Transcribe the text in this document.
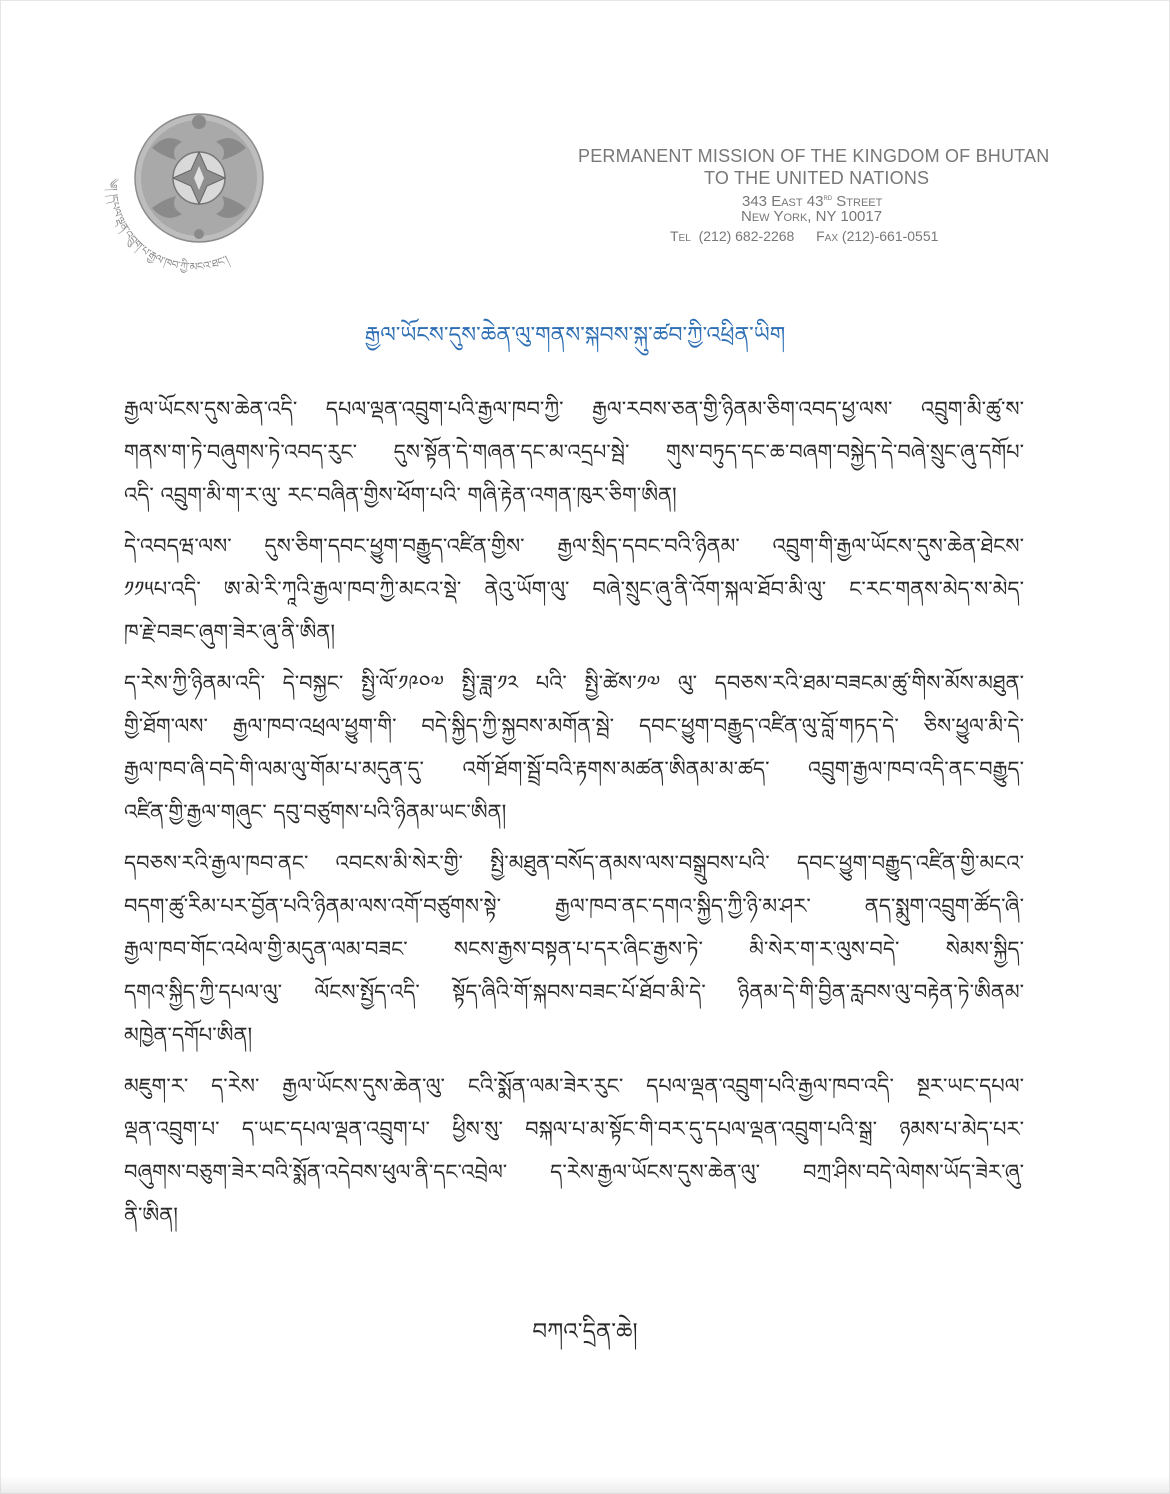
༄། །དཔལ་ལྡན་འབྲུག་པ་རྒྱལ་ཁབ་ཀྱི་མངའ་ཐང་།
PERMANENT MISSION OF THE KINGDOM OF BHUTAN
TO THE UNITED NATIONS
343 East 43rd Street
New York, NY 10017
Tel (212) 682-2268 Fax (212)-661-0551
རྒྱལ་ཡོངས་དུས་ཆེན་ལུ་གནས་སྐབས་སྐུ་ཚབ་ཀྱི་འཕྲིན་ཡིག
རྒྱལ་ཡོངས་དུས་ཆེན་འདི་ དཔལ་ལྡན་འབྲུག་པའི་རྒྱལ་ཁབ་ཀྱི་ རྒྱལ་རབས་ཅན་གྱི་ཉིནམ་ཅིག་འབད་ཕྱ་ལས་ འབྲུག་མི་ཚུ་ས་
གནས་ག་ཏེ་བཞུགས་ཏེ་འབད་རུང་ དུས་སྟོན་དེ་གཞན་དང་མ་འདྲཔ་སྦེ་ གུས་བཏུད་དང་ཆ་བཞག་བསྐྱེད་དེ་བཞེ་སྲུང་ཞུ་དགོཔ་
འདི་ འབྲུག་མི་ག་ར་ལུ་ རང་བཞིན་གྱིས་ཕོག་པའི་ གཞི་རྟེན་འགན་ཁུར་ཅིག་ཨིན།
དེ་འབདཝ་ལས་ དུས་ཅིག་དབང་ཕྱུག་བརྒྱུད་འཛིན་གྱིས་ རྒྱལ་སྲིད་དབང་བའི་ཉིནམ་ འབྲུག་གི་རྒྱལ་ཡོངས་དུས་ཆེན་ཐེངས་
༡༡༥པ་འདི་ ཨ་མེ་རི་ཀཱའི་རྒྱལ་ཁབ་ཀྱི་མངའ་སྡེ་ ནེའུ་ཡོག་ལུ་ བཞེ་སྲུང་ཞུ་ནི་འོག་སྐལ་ཐོབ་མི་ལུ་ ང་རང་གནས་མེད་ས་མེད་
ཁ་རྗེ་བཟང་ཞུག་ཟེར་ཞུ་ནི་ཨིན།
ད་རེས་ཀྱི་ཉིནམ་འདི་ དེ་བསྐྱང་ སྤྱི་ལོ་༡༩༠༧ སྤྱི་ཟླ་༡༢ པའི་ སྤྱི་ཚེས་༡༧ ལུ་ དབཅས་རའི་ཐམ་བཟངམ་ཚུ་གིས་མོས་མཐུན་
གྱི་ཐོག་ལས་ རྒྱལ་ཁབ་འཕྲལ་ཕྱུག་གི་ བདེ་སྐྱིད་ཀྱི་སྐྱབས་མགོན་སྦེ་ དབང་ཕྱུག་བརྒྱུད་འཛིན་ལུ་བློ་གཏད་དེ་ ཅིས་ཕྱུལ་མི་དེ་
རྒྱལ་ཁབ་ཞི་བདེ་གི་ལམ་ལུ་གོམ་པ་མདུན་དུ་ འགོ་ཐོག་སྦྲོ་བའི་རྟགས་མཚན་ཨིནམ་མ་ཚད་ འབྲུག་རྒྱལ་ཁབ་འདི་ནང་བརྒྱུད་
འཛིན་གྱི་རྒྱལ་གཞུང་ དབུ་བཙུགས་པའི་ཉིནམ་ཡང་ཨིན།
དབཅས་རའི་རྒྱལ་ཁབ་ནང་ འབངས་མི་སེར་གྱི་ སྤྱི་མཐུན་བསོད་ནམས་ལས་བསྒྲུབས་པའི་ དབང་ཕྱུག་བརྒྱུད་འཛིན་གྱི་མངའ་
བདག་ཚུ་རིམ་པར་བྱོན་པའི་ཉིནམ་ལས་འགོ་བཙུགས་སྟེ་ རྒྱལ་ཁབ་ནང་དགའ་སྐྱིད་ཀྱི་ཉི་མ་ཤར་ ནད་སྨུག་འབྲུག་ཚོད་ཞི་
རྒྱལ་ཁབ་གོང་འཕེལ་གྱི་མདུན་ལམ་བཟང་ སངས་རྒྱས་བསྟན་པ་དར་ཞིང་རྒྱས་ཏེ་ མི་སེར་ག་ར་ལུས་བདེ་ སེམས་སྐྱིད་
དགའ་སྐྱིད་ཀྱི་དཔལ་ལུ་ ལོངས་སྤྱོད་འདི་ སྟོད་ཞིའི་གོ་སྐབས་བཟང་པོ་ཐོབ་མི་དེ་ ཉིནམ་དེ་གི་བྱིན་རླབས་ལུ་བརྟེན་ཏེ་ཨིནམ་
མཁྱེན་དགོཔ་ཨིན།
མཇུག་ར་ ད་རེས་ རྒྱལ་ཡོངས་དུས་ཆེན་ལུ་ ངའི་སྨོན་ལམ་ཟེར་རུང་ དཔལ་ལྡན་འབྲུག་པའི་རྒྱལ་ཁབ་འདི་ སྔར་ཡང་དཔལ་
ལྡན་འབྲུག་པ་ ད་ཡང་དཔལ་ལྡན་འབྲུག་པ་ ཕྱིས་སུ་ བསྐལ་པ་མ་སྟོང་གི་བར་དུ་དཔལ་ལྡན་འབྲུག་པའི་སྒྲ་ ཉམས་པ་མེད་པར་
བཞུགས་བཅུག་ཟེར་བའི་སྨོན་འདེབས་ཕུལ་ནི་དང་འབྲེལ་ ད་རེས་རྒྱལ་ཡོངས་དུས་ཆེན་ལུ་ བཀྲ་ཤིས་བདེ་ལེགས་ཡོད་ཟེར་ཞུ་
ནི་ཨིན།
བཀའ་དྲིན་ཆེ།
